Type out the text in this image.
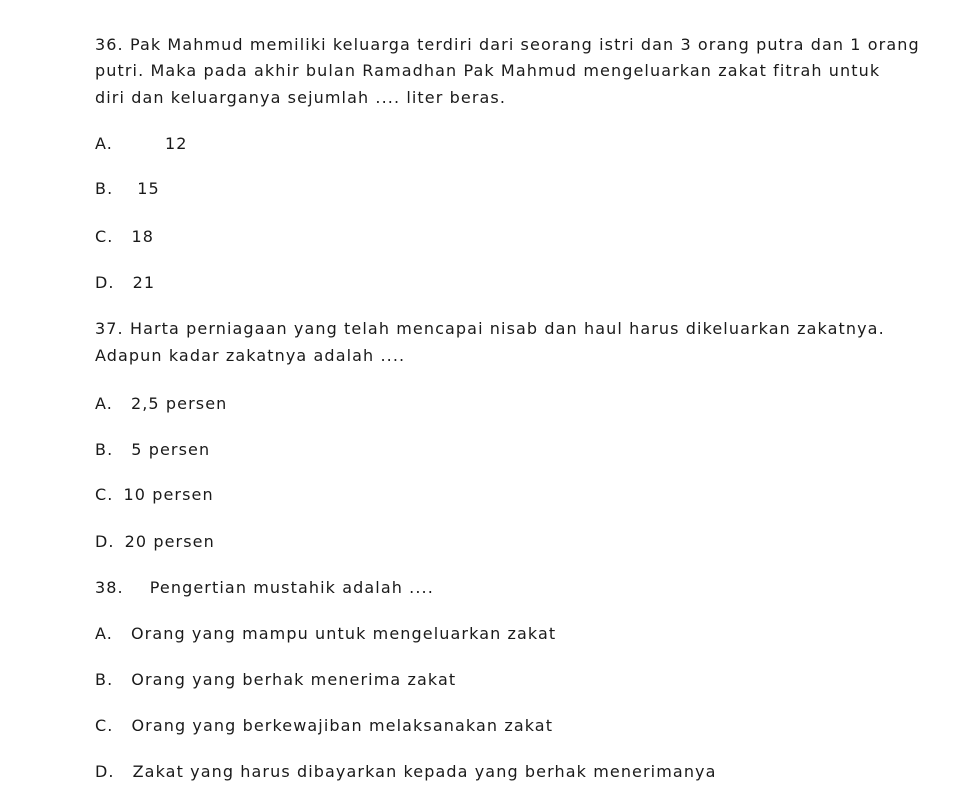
36. Pak Mahmud memiliki keluarga terdiri dari seorang istri dan 3 orang putra dan 1 orang
putri. Maka pada akhir bulan Ramadhan Pak Mahmud mengeluarkan zakat fitrah untuk
diri dan keluarganya sejumlah .... liter beras.
A.	12
B. 15
C. 18
D. 21
37. Harta perniagaan yang telah mencapai nisab dan haul harus dikeluarkan zakatnya.
Adapun kadar zakatnya adalah ....
A. 2,5 persen
B. 5 persen
C. 10 persen
D. 20 persen
38. Pengertian mustahik adalah ....
A. Orang yang mampu untuk mengeluarkan zakat
B. Orang yang berhak menerima zakat
C. Orang yang berkewajiban melaksanakan zakat
D. Zakat yang harus dibayarkan kepada yang berhak menerimanya
